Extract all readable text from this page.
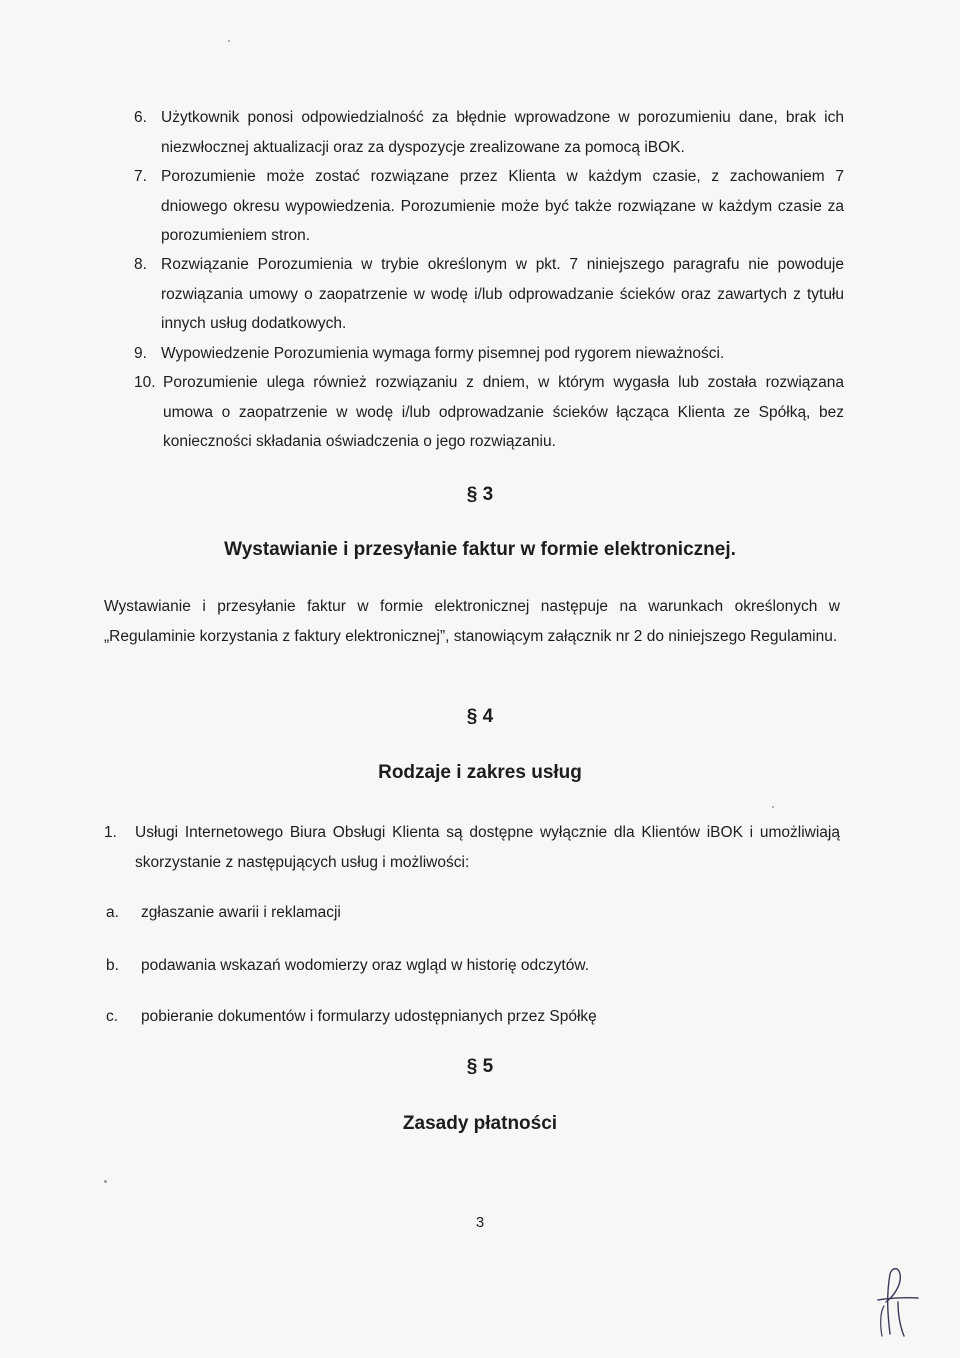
6. Użytkownik ponosi odpowiedzialność za błędnie wprowadzone w porozumieniu dane, brak ich niezwłocznej aktualizacji oraz za dyspozycje zrealizowane za pomocą iBOK.
7. Porozumienie może zostać rozwiązane przez Klienta w każdym czasie, z zachowaniem 7 dniowego okresu wypowiedzenia. Porozumienie może być także rozwiązane w każdym czasie za porozumieniem stron.
8. Rozwiązanie Porozumienia w trybie określonym w pkt. 7 niniejszego paragrafu nie powoduje rozwiązania umowy o zaopatrzenie w wodę i/lub odprowadzanie ścieków oraz zawartych z tytułu innych usług dodatkowych.
9. Wypowiedzenie Porozumienia wymaga formy pisemnej pod rygorem nieważności.
10. Porozumienie ulega również rozwiązaniu z dniem, w którym wygasła lub została rozwiązana umowa o zaopatrzenie w wodę i/lub odprowadzanie ścieków łącząca Klienta ze Spółką, bez konieczności składania oświadczenia o jego rozwiązaniu.
§ 3
Wystawianie i przesyłanie faktur w formie elektronicznej.
Wystawianie i przesyłanie faktur w formie elektronicznej następuje na warunkach określonych w „Regulaminie korzystania z faktury elektronicznej”, stanowiącym załącznik nr 2 do niniejszego Regulaminu.
§ 4
Rodzaje i zakres usług
1. Usługi Internetowego Biura Obsługi Klienta są dostępne wyłącznie dla Klientów iBOK i umożliwiają skorzystanie z następujących usług i możliwości:
a. zgłaszanie awarii i reklamacji
b. podawania wskazań wodomierzy oraz wgląd w historię odczytów.
c. pobieranie dokumentów i formularzy udostępnianych przez Spółkę
§ 5
Zasady płatności
3
